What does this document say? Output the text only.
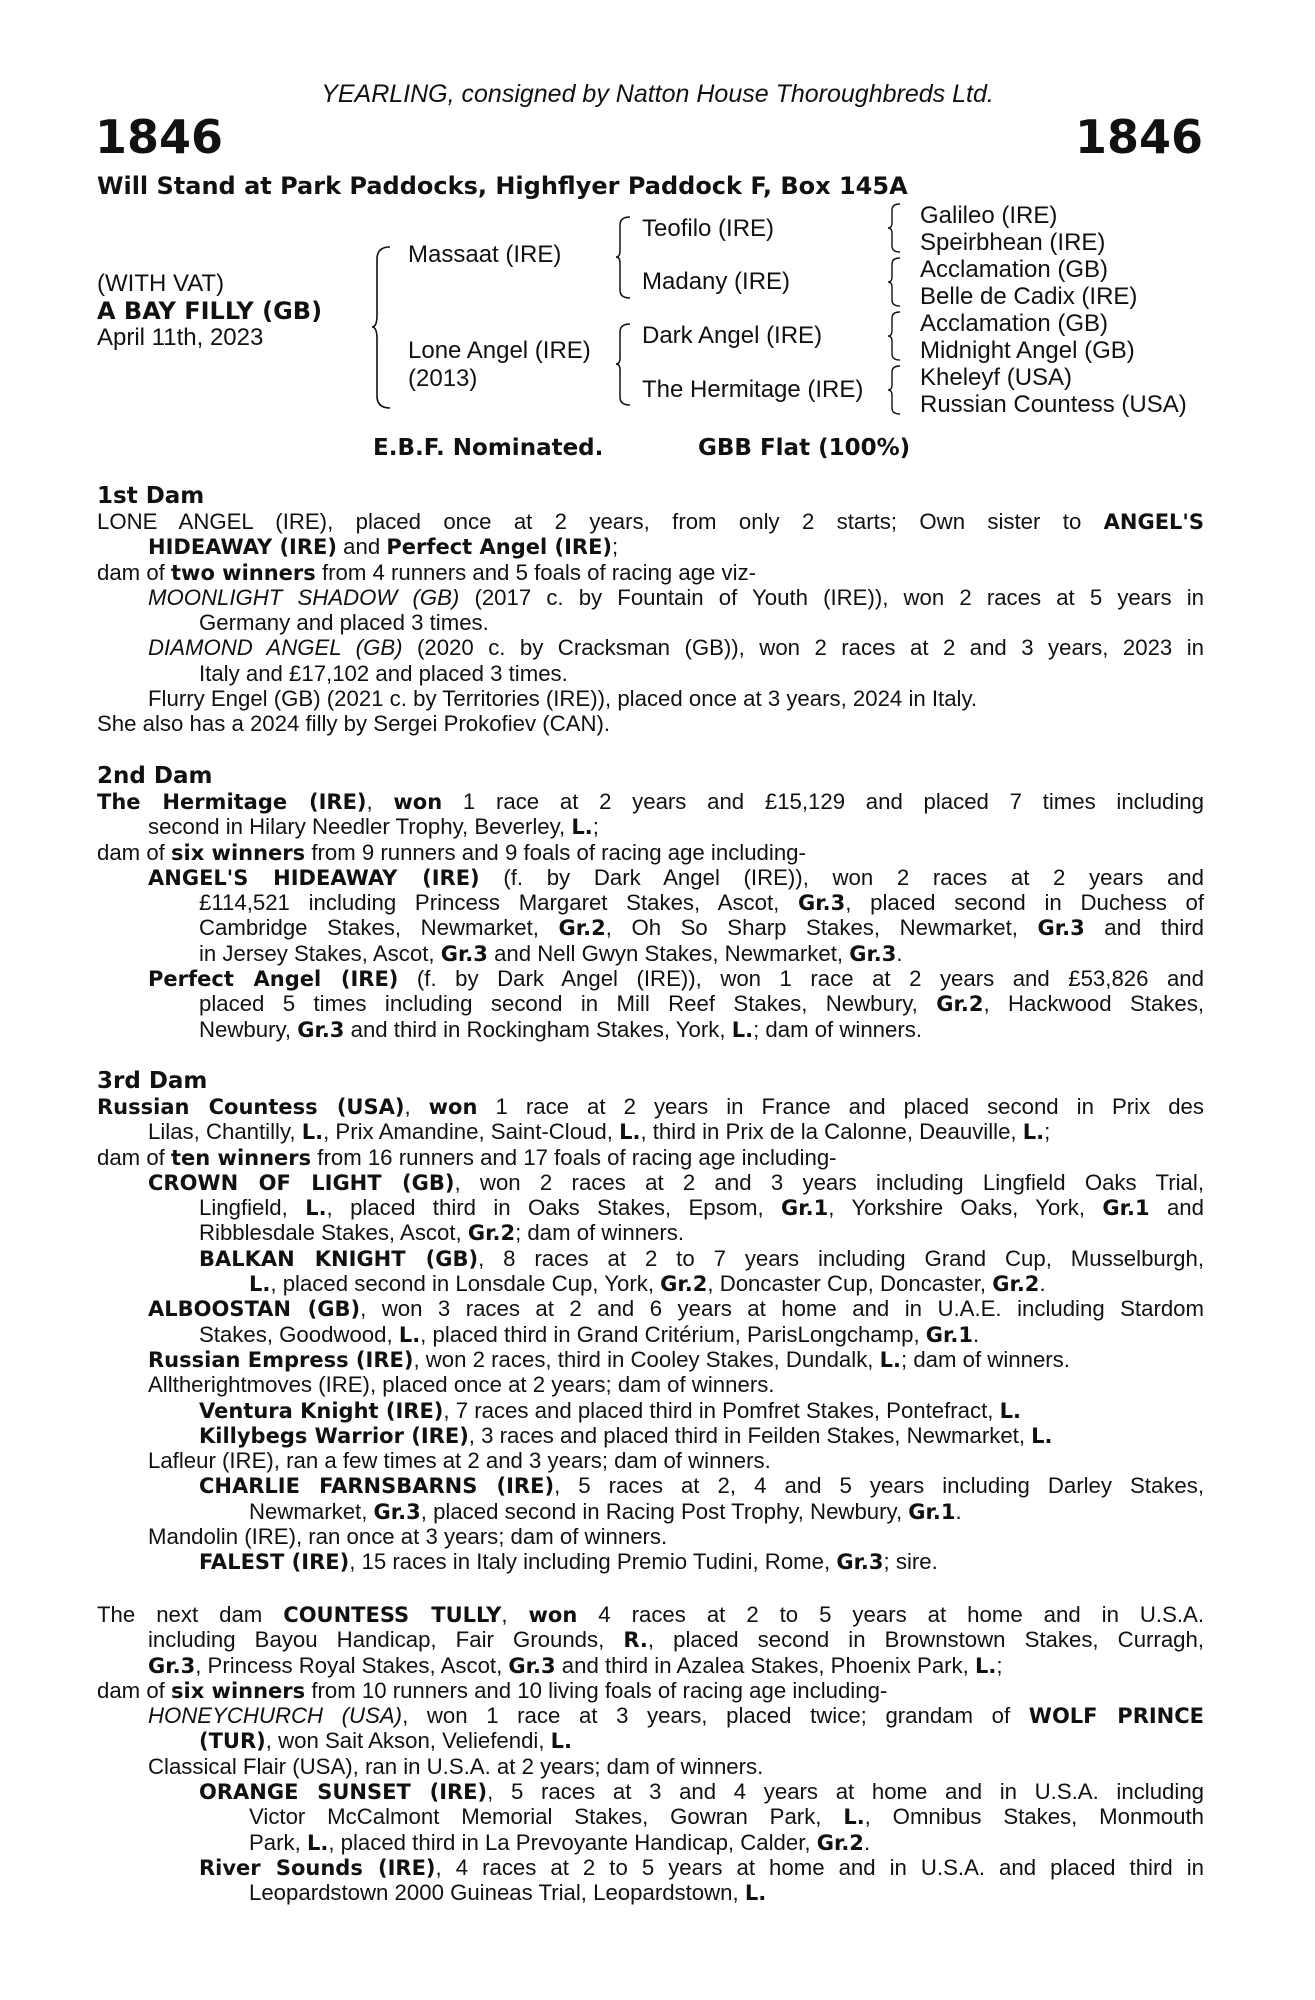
YEARLING, consigned by Natton House Thoroughbreds Ltd.
1846	1846
Will Stand at Park Paddocks, Highflyer Paddock F, Box 145A
(WITH VAT)
A BAY FILLY (GB)
April 11th, 2023
Massaat (IRE)
Lone Angel (IRE)
(2013)
Teofilo (IRE)
Madany (IRE)
Dark Angel (IRE)
The Hermitage (IRE)
Galileo (IRE)
Speirbhean (IRE)
Acclamation (GB)
Belle de Cadix (IRE)
Acclamation (GB)
Midnight Angel (GB)
Kheleyf (USA)
Russian Countess (USA)
E.B.F. Nominated.	GBB Flat (100%)
1st Dam
LONE ANGEL (IRE), placed once at 2 years, from only 2 starts; Own sister to ANGEL'S
HIDEAWAY (IRE) and Perfect Angel (IRE);
dam of two winners from 4 runners and 5 foals of racing age viz-
MOONLIGHT SHADOW (GB) (2017 c. by Fountain of Youth (IRE)), won 2 races at 5 years in
Germany and placed 3 times.
DIAMOND ANGEL (GB) (2020 c. by Cracksman (GB)), won 2 races at 2 and 3 years, 2023 in
Italy and £17,102 and placed 3 times.
Flurry Engel (GB) (2021 c. by Territories (IRE)), placed once at 3 years, 2024 in Italy.
She also has a 2024 filly by Sergei Prokofiev (CAN).
2nd Dam
The Hermitage (IRE), won 1 race at 2 years and £15,129 and placed 7 times including
second in Hilary Needler Trophy, Beverley, L.;
dam of six winners from 9 runners and 9 foals of racing age including-
ANGEL'S HIDEAWAY (IRE) (f. by Dark Angel (IRE)), won 2 races at 2 years and
£114,521 including Princess Margaret Stakes, Ascot, Gr.3, placed second in Duchess of
Cambridge Stakes, Newmarket, Gr.2, Oh So Sharp Stakes, Newmarket, Gr.3 and third
in Jersey Stakes, Ascot, Gr.3 and Nell Gwyn Stakes, Newmarket, Gr.3.
Perfect Angel (IRE) (f. by Dark Angel (IRE)), won 1 race at 2 years and £53,826 and
placed 5 times including second in Mill Reef Stakes, Newbury, Gr.2, Hackwood Stakes,
Newbury, Gr.3 and third in Rockingham Stakes, York, L.; dam of winners.
3rd Dam
Russian Countess (USA), won 1 race at 2 years in France and placed second in Prix des
Lilas, Chantilly, L., Prix Amandine, Saint-Cloud, L., third in Prix de la Calonne, Deauville, L.;
dam of ten winners from 16 runners and 17 foals of racing age including-
CROWN OF LIGHT (GB), won 2 races at 2 and 3 years including Lingfield Oaks Trial,
Lingfield, L., placed third in Oaks Stakes, Epsom, Gr.1, Yorkshire Oaks, York, Gr.1 and
Ribblesdale Stakes, Ascot, Gr.2; dam of winners.
BALKAN KNIGHT (GB), 8 races at 2 to 7 years including Grand Cup, Musselburgh,
L., placed second in Lonsdale Cup, York, Gr.2, Doncaster Cup, Doncaster, Gr.2.
ALBOOSTAN (GB), won 3 races at 2 and 6 years at home and in U.A.E. including Stardom
Stakes, Goodwood, L., placed third in Grand Critérium, ParisLongchamp, Gr.1.
Russian Empress (IRE), won 2 races, third in Cooley Stakes, Dundalk, L.; dam of winners.
Alltherightmoves (IRE), placed once at 2 years; dam of winners.
Ventura Knight (IRE), 7 races and placed third in Pomfret Stakes, Pontefract, L.
Killybegs Warrior (IRE), 3 races and placed third in Feilden Stakes, Newmarket, L.
Lafleur (IRE), ran a few times at 2 and 3 years; dam of winners.
CHARLIE FARNSBARNS (IRE), 5 races at 2, 4 and 5 years including Darley Stakes,
Newmarket, Gr.3, placed second in Racing Post Trophy, Newbury, Gr.1.
Mandolin (IRE), ran once at 3 years; dam of winners.
FALEST (IRE), 15 races in Italy including Premio Tudini, Rome, Gr.3; sire.
The next dam COUNTESS TULLY, won 4 races at 2 to 5 years at home and in U.S.A.
including Bayou Handicap, Fair Grounds, R., placed second in Brownstown Stakes, Curragh,
Gr.3, Princess Royal Stakes, Ascot, Gr.3 and third in Azalea Stakes, Phoenix Park, L.;
dam of six winners from 10 runners and 10 living foals of racing age including-
HONEYCHURCH (USA), won 1 race at 3 years, placed twice; grandam of WOLF PRINCE
(TUR), won Sait Akson, Veliefendi, L.
Classical Flair (USA), ran in U.S.A. at 2 years; dam of winners.
ORANGE SUNSET (IRE), 5 races at 3 and 4 years at home and in U.S.A. including
Victor McCalmont Memorial Stakes, Gowran Park, L., Omnibus Stakes, Monmouth
Park, L., placed third in La Prevoyante Handicap, Calder, Gr.2.
River Sounds (IRE), 4 races at 2 to 5 years at home and in U.S.A. and placed third in
Leopardstown 2000 Guineas Trial, Leopardstown, L.
